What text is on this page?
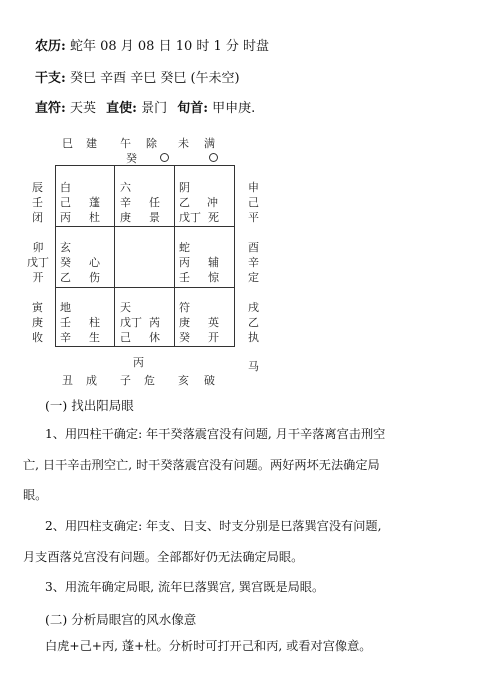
农历: 蛇年 08 月 08 日 10 时 1 分 时盘
干支: 癸巳 辛酉 辛巳 癸巳 (午未空)
直符: 天英 直使: 景门 旬首: 甲申庚.
巳 建 午 除 未 满
癸
辰
壬
闭
卯
戊丁
开
寅
庚
收
申
己
平
酉
辛
定
戌
乙
执
白
己 蓬
丙 杜
六
辛 任
庚 景
阴
乙 冲
戊丁 死
玄
癸 心
乙 伤
蛇
丙 辅
壬 惊
地
壬 柱
辛 生
天
戊丁 芮
己 休
符
庚 英
癸 开
丙	马
丑 成 子 危 亥 破
(一) 找出阳局眼
1、用四柱干确定: 年干癸落震宫没有问题, 月干辛落离宫击刑空
亡, 日干辛击刑空亡, 时干癸落震宫没有问题。两好两坏无法确定局
眼。
2、用四柱支确定: 年支、日支、时支分别是巳落巽宫没有问题,
月支酉落兑宫没有问题。全部都好仍无法确定局眼。
3、用流年确定局眼, 流年巳落巽宫, 巽宫既是局眼。
(二) 分析局眼宫的风水像意
白虎+己+丙, 蓬+杜。分析时可打开己和丙, 或看对宫像意。
